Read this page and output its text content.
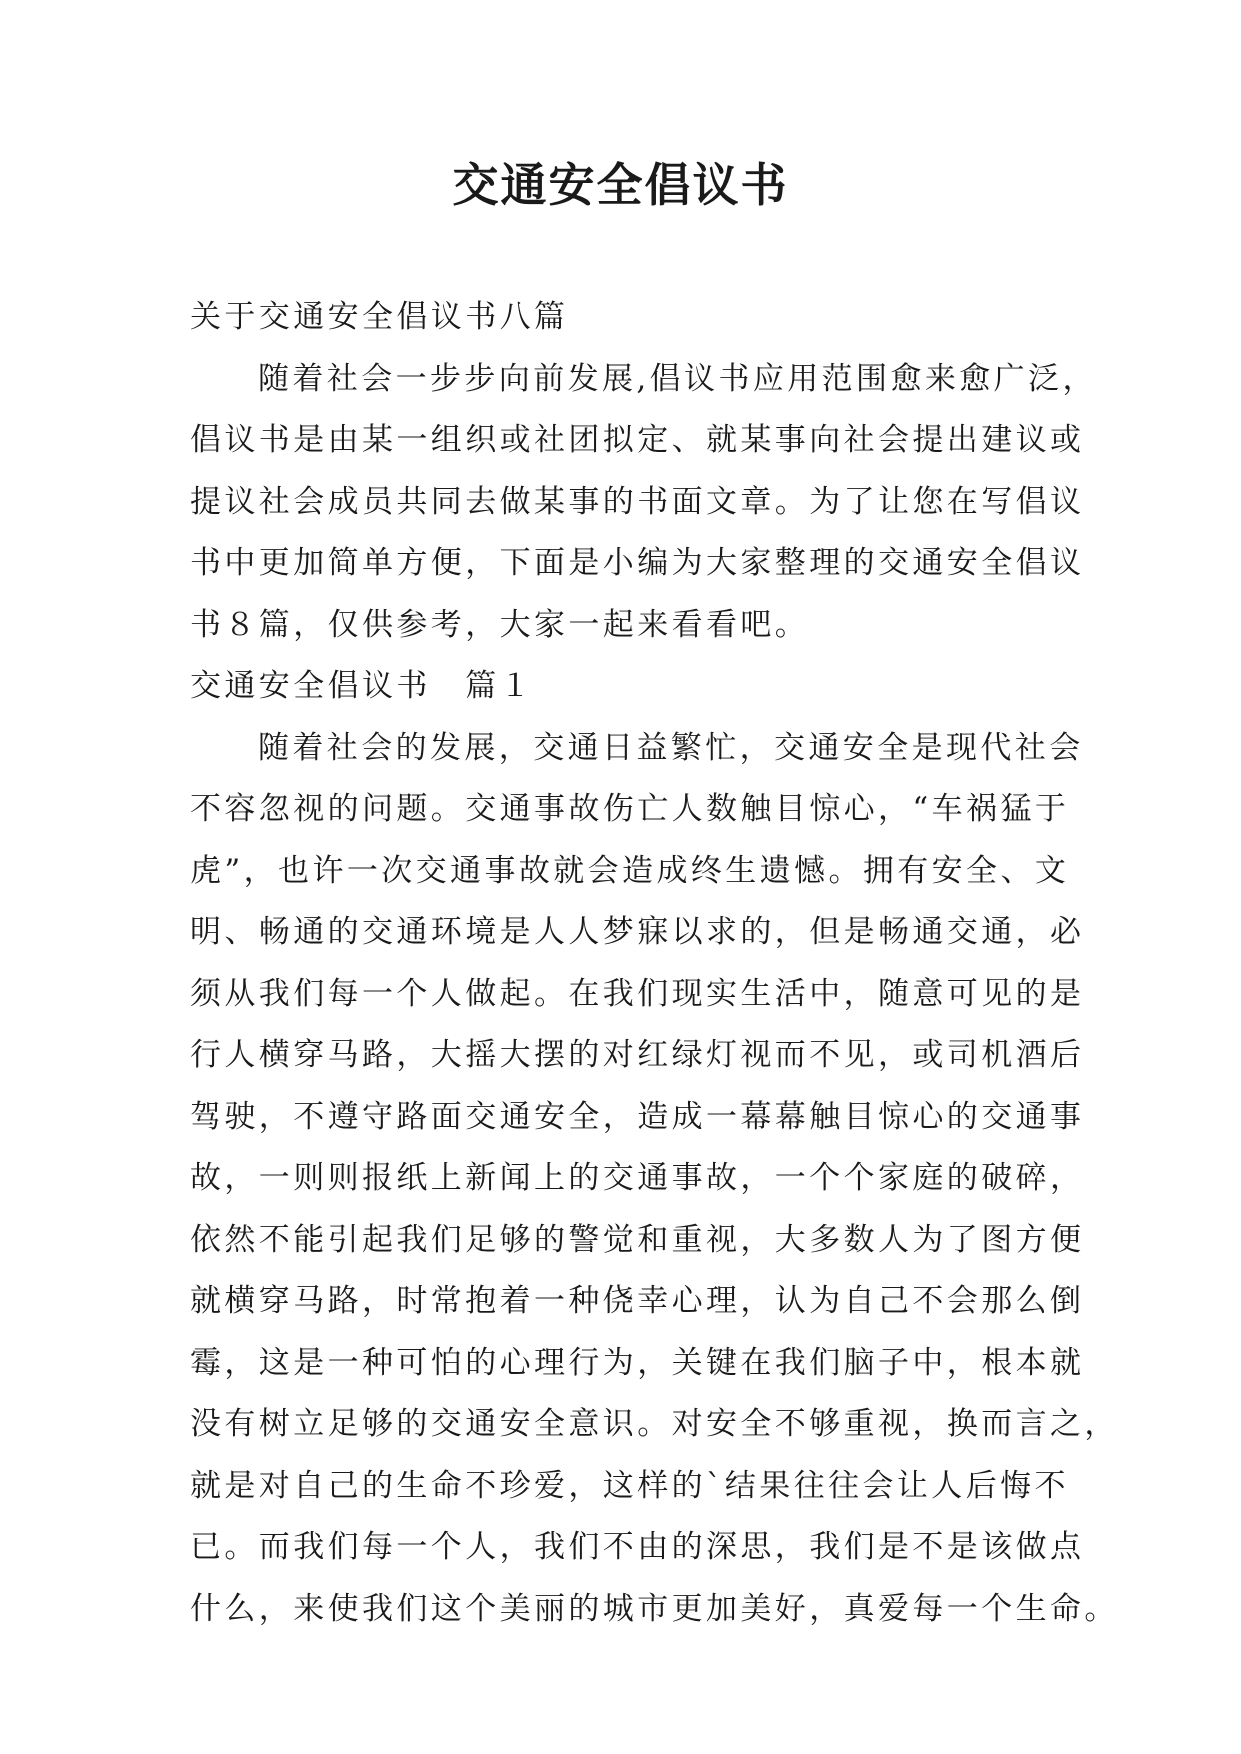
交通安全倡议书
关于交通安全倡议书八篇
随着社会一步步向前发展,倡议书应用范围愈来愈广泛，
倡议书是由某一组织或社团拟定、就某事向社会提出建议或
提议社会成员共同去做某事的书面文章。为了让您在写倡议
书中更加简单方便，下面是小编为大家整理的交通安全倡议
书８篇，仅供参考，大家一起来看看吧。
交通安全倡议书　篇１
随着社会的发展，交通日益繁忙，交通安全是现代社会
不容忽视的问题。交通事故伤亡人数触目惊心，“车祸猛于
虎”，也许一次交通事故就会造成终生遗憾。拥有安全、文
明、畅通的交通环境是人人梦寐以求的，但是畅通交通，必
须从我们每一个人做起。在我们现实生活中，随意可见的是
行人横穿马路，大摇大摆的对红绿灯视而不见，或司机酒后
驾驶，不遵守路面交通安全，造成一幕幕触目惊心的交通事
故，一则则报纸上新闻上的交通事故，一个个家庭的破碎，
依然不能引起我们足够的警觉和重视，大多数人为了图方便
就横穿马路，时常抱着一种侥幸心理，认为自己不会那么倒
霉，这是一种可怕的心理行为，关键在我们脑子中，根本就
没有树立足够的交通安全意识。对安全不够重视，换而言之，
就是对自己的生命不珍爱，这样的`结果往往会让人后悔不
已。而我们每一个人，我们不由的深思，我们是不是该做点
什么，来使我们这个美丽的城市更加美好，真爱每一个生命。
